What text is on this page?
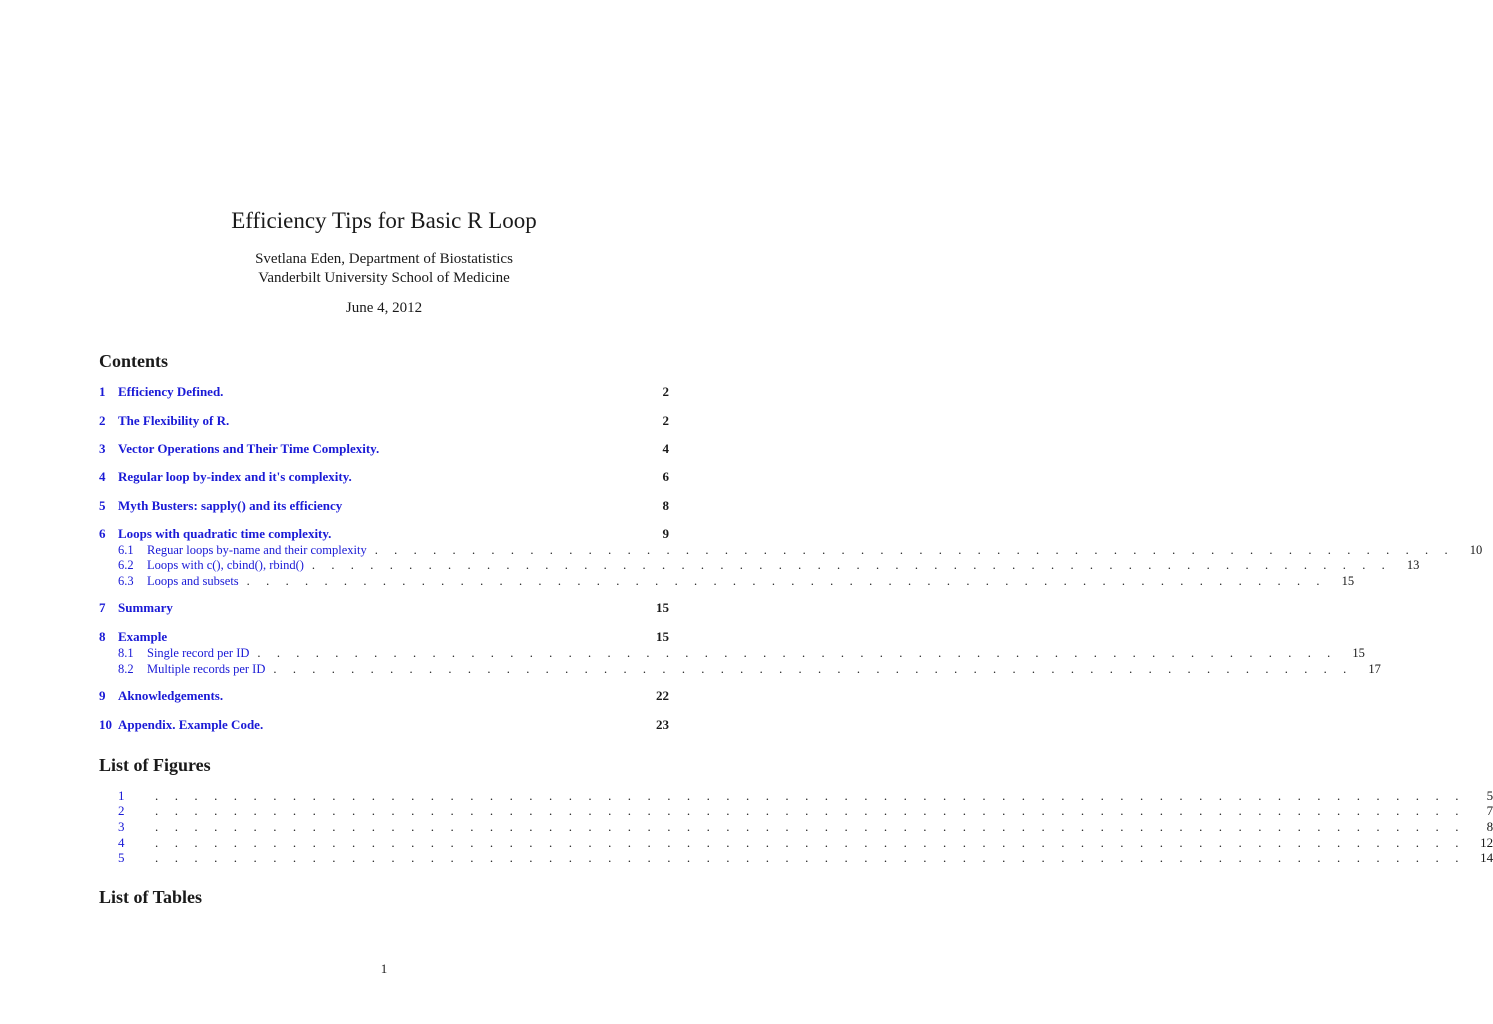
Efficiency Tips for Basic R Loop
Svetlana Eden, Department of Biostatistics
Vanderbilt University School of Medicine
June 4, 2012
Contents
1 Efficiency Defined.	2
2 The Flexibility of R.	2
3 Vector Operations and Their Time Complexity.	4
4 Regular loop by-index and it's complexity.	6
5 Myth Busters: sapply() and its efficiency	8
6 Loops with quadratic time complexity.	9
6.1	Reguar loops by-name and their complexity . . . . . . . . . . . . . . . . . . . . . . . . . . . . . . . . . . . . . . . . . . . . . . . . . . . . . . . .	10
6.2	Loops with c(), cbind(), rbind() . . . . . . . . . . . . . . . . . . . . . . . . . . . . . . . . . . . . . . . . . . . . . . . . . . . . . . . .	13
6.3	Loops and subsets . . . . . . . . . . . . . . . . . . . . . . . . . . . . . . . . . . . . . . . . . . . . . . . . . . . . . . . .	15
7 Summary	15
8 Example	15
8.1	Single record per ID . . . . . . . . . . . . . . . . . . . . . . . . . . . . . . . . . . . . . . . . . . . . . . . . . . . . . . . .	15
8.2	Multiple records per ID . . . . . . . . . . . . . . . . . . . . . . . . . . . . . . . . . . . . . . . . . . . . . . . . . . . . . . . .	17
9 Aknowledgements.	22
10 Appendix. Example Code.	23
1	. . . . . . . . . . . . . . . . . . . . . . . . . . . . . . . . . . . . . . . . . . . . . . . . . . . . . . . . . . . . . . . . . . .	5
2	. . . . . . . . . . . . . . . . . . . . . . . . . . . . . . . . . . . . . . . . . . . . . . . . . . . . . . . . . . . . . . . . . . .	7
3	. . . . . . . . . . . . . . . . . . . . . . . . . . . . . . . . . . . . . . . . . . . . . . . . . . . . . . . . . . . . . . . . . . .	8
4	. . . . . . . . . . . . . . . . . . . . . . . . . . . . . . . . . . . . . . . . . . . . . . . . . . . . . . . . . . . . . . . . . . .	12
5	. . . . . . . . . . . . . . . . . . . . . . . . . . . . . . . . . . . . . . . . . . . . . . . . . . . . . . . . . . . . . . . . . . .	14
List of Figures
List of Tables
1
